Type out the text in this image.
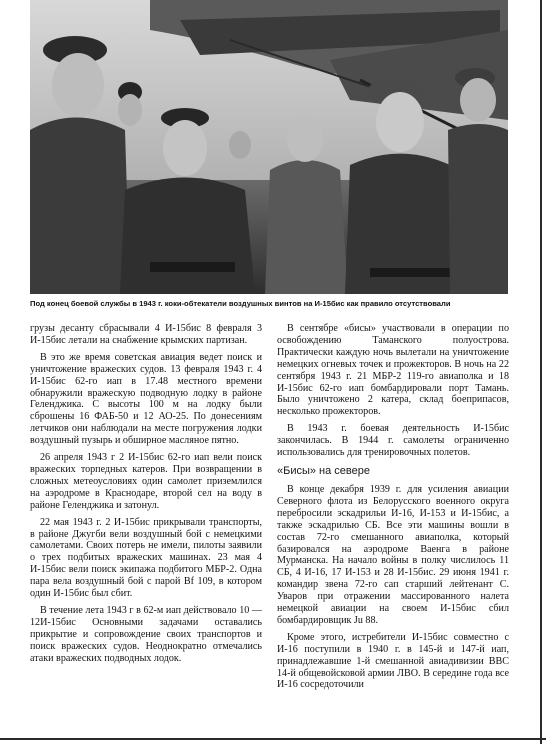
Под конец боевой службы в 1943 г. коки-обтекатели воздушных винтов на И-15бис как правило отсутствовали

грузы десанту сбрасывали 4 И-15бис 8 февраля 3 И-15бис летали на снабжение крымских партизан.

В это же время советская авиация ведет поиск и уничтожение вражеских судов. 13 февраля 1943 г. 4 И-15бис 62-го иап в 17.48 местного времени обнаружили вражескую подводную лодку в районе Геленджика. С высоты 100 м на лодку были сброшены 16 ФАБ-50 и 12 АО-25. По донесениям летчиков они наблюдали на месте погружения лодки воздушный пузырь и обширное масляное пятно.

26 апреля 1943 г 2 И-15бис 62-го иап вели поиск вражеских торпедных катеров. При возвращении в сложных метеоусловиях один самолет приземлился на аэродроме в Краснодаре, второй сел на воду в районе Геленджика и затонул.

22 мая 1943 г. 2 И-15бис прикрывали транспорты, в районе Джугби вели воздушный бой с немецкими самолетами. Своих потерь не имели, пилоты заявили о трех подбитых вражеских машинах. 23 мая 4 И-15бис вели поиск экипажа подбитого МБР-2. Одна пара вела воздушный бой с парой Bf 109, в котором один И-15бис был сбит.

В течение лета 1943 г в 62-м иап действовало 10 — 12И-15бис Основными задачами оставались прикрытие и сопровождение своих транспортов и поиск вражеских судов. Неоднократно отмечались атаки вражеских подводных лодок.

В сентябре «бисы» участвовали в операции по освобождению Таманского полуострова. Практически каждую ночь вылетали на уничтожение немецких огневых точек и прожекторов. В ночь на 22 сентября 1943 г. 21 МБР-2 119-го авиаполка и 18 И-15бис 62-го иап бомбардировали порт Тамань. Было уничтожено 2 катера, склад боеприпасов, несколько прожекторов.

В 1943 г. боевая деятельность И-15бис закончилась. В 1944 г. самолеты ограниченно использовались для тренировочных полетов.

«Бисы» на севере

В конце декабря 1939 г. для усиления авиации Северного флота из Белорусского военного округа перебросили эскадрильи И-16, И-153 и И-15бис, а также эскадрилью СБ. Все эти машины вошли в состав 72-го смешанного авиаполка, который базировался на аэродроме Ваенга в районе Мурманска. На начало войны в полку числилось 11 СБ, 4 И-16, 17 И-153 и 28 И-15бис. 29 июня 1941 г. командир звена 72-го сап старший лейтенант С. Уваров при отражении массированного налета немецкой авиации на своем И-15бис сбил бомбардировщик Ju 88.

Кроме этого, истребители И-15бис совместно с И-16 поступили в 1940 г. в 145-й и 147-й иап, принадлежавшие 1-й смешанной авиадивизии ВВС 14-й общевойсковой армии ЛВО. В середине года все И-16 сосредоточили
